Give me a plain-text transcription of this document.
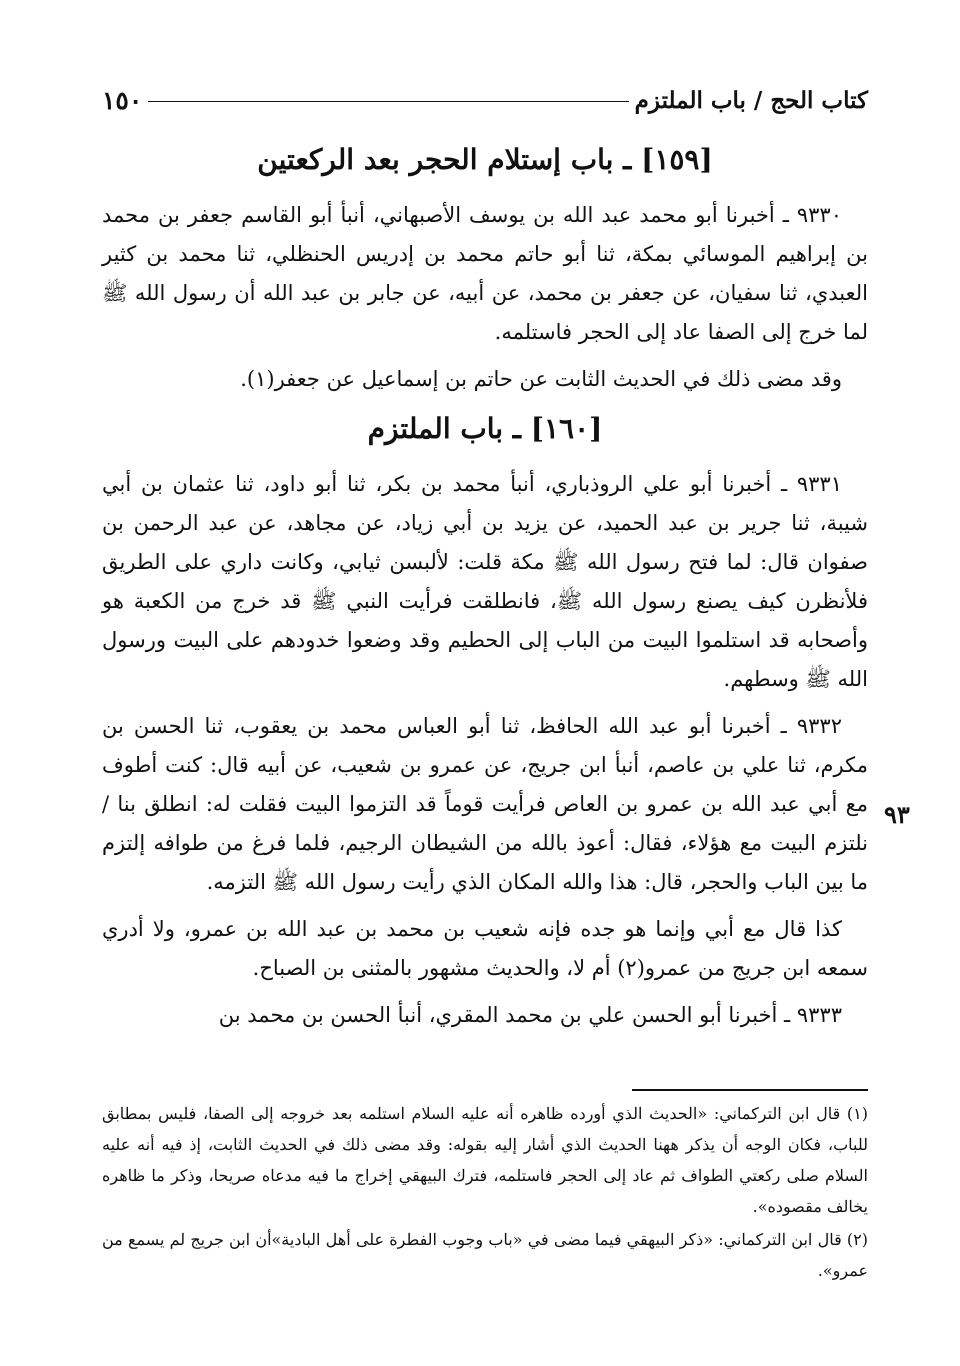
١٥٠	كتاب الحج / باب الملتزم
[١٥٩] ـ باب إستلام الحجر بعد الركعتين

٩٣٣٠ ـ أخبرنا أبو محمد عبد الله بن يوسف الأصبهاني، أنبأ أبو القاسم جعفر بن محمد بن إبراهيم الموسائي بمكة، ثنا أبو حاتم محمد بن إدريس الحنظلي، ثنا محمد بن كثير العبدي، ثنا سفيان، عن جعفر بن محمد، عن أبيه، عن جابر بن عبد الله أن رسول الله ﷺ لما خرج إلى الصفا عاد إلى الحجر فاستلمه.

وقد مضى ذلك في الحديث الثابت عن حاتم بن إسماعيل عن جعفر(١).

[١٦٠] ـ باب الملتزم

٩٣٣١ ـ أخبرنا أبو علي الروذباري، أنبأ محمد بن بكر، ثنا أبو داود، ثنا عثمان بن أبي شيبة، ثنا جرير بن عبد الحميد، عن يزيد بن أبي زياد، عن مجاهد، عن عبد الرحمن بن صفوان قال: لما فتح رسول الله ﷺ مكة قلت: لألبسن ثيابي، وكانت داري على الطريق فلأنظرن كيف يصنع رسول الله ﷺ، فانطلقت فرأيت النبي ﷺ قد خرج من الكعبة هو وأصحابه قد استلموا البيت من الباب إلى الحطيم وقد وضعوا خدودهم على البيت ورسول الله ﷺ وسطهم.

٩٣٣٢ ـ أخبرنا أبو عبد الله الحافظ، ثنا أبو العباس محمد بن يعقوب، ثنا الحسن بن مكرم، ثنا علي بن عاصم، أنبأ ابن جريج، عن عمرو بن شعيب، عن أبيه قال: كنت أطوف مع أبي عبد الله بن عمرو بن العاص فرأيت قوماً قد التزموا البيت فقلت له: انطلق بنا / نلتزم البيت مع هؤلاء، فقال: أعوذ بالله من الشيطان الرجيم، فلما فرغ من طوافه إلتزم ما بين الباب والحجر، قال: هذا والله المكان الذي رأيت رسول الله ﷺ التزمه.

كذا قال مع أبي وإنما هو جده فإنه شعيب بن محمد بن عبد الله بن عمرو، ولا أدري سمعه ابن جريج من عمرو(٢) أم لا، والحديث مشهور بالمثنى بن الصباح.

٩٣٣٣ ـ أخبرنا أبو الحسن علي بن محمد المقري، أنبأ الحسن بن محمد بن

٩٣

(١) قال ابن التركماني: «الحديث الذي أورده ظاهره أنه عليه السلام استلمه بعد خروجه إلى الصفا، فليس بمطابق للباب، فكان الوجه أن يذكر ههنا الحديث الذي أشار إليه بقوله: وقد مضى ذلك في الحديث الثابت، إذ فيه أنه عليه السلام صلى ركعتي الطواف ثم عاد إلى الحجر فاستلمه، فترك البيهقي إخراج ما فيه مدعاه صريحا، وذكر ما ظاهره يخالف مقصوده».

(٢) قال ابن التركماني: «ذكر البيهقي فيما مضى في «باب وجوب الفطرة على أهل البادية»أن ابن جريج لم يسمع من عمرو».
